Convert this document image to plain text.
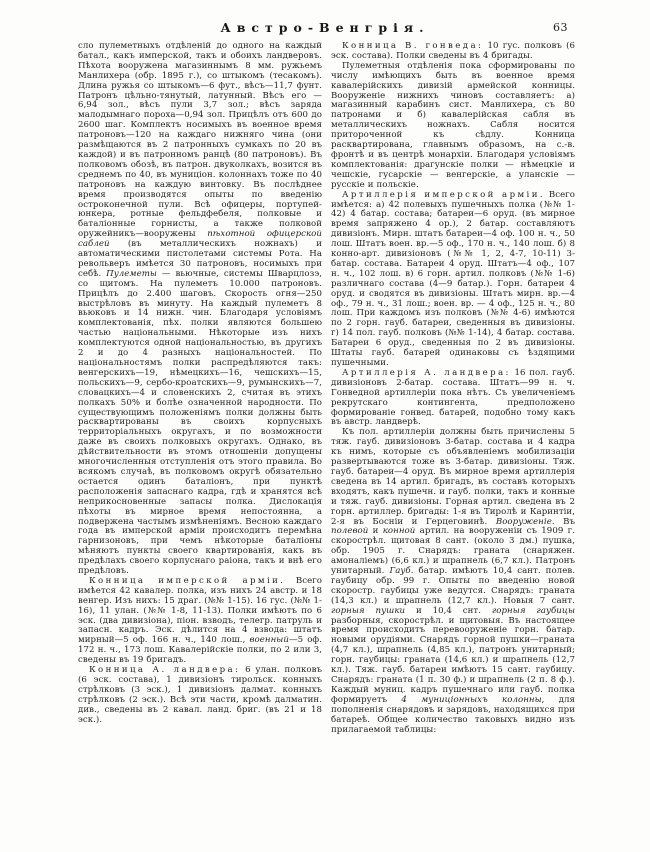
Австро-Венгрія.	63

сло пулеметныхъ отдѣленій до одного на каждый батал., какъ имперской, такъ и обоихъ ландверовъ. Пѣхота вооружена магазиннымъ 8 мм. ружьемъ Манлихера (обр. 1895 г.), со штыкомъ (тесакомъ). Длина ружья со штыкомъ—6 фут., вѣсъ—11,7 фунт. Патронъ цѣльно-тянутый, латунный. Вѣсъ его — 6,94 зол., вѣсъ пули 3,7 зол.; вѣсъ заряда малодымнаго пороха—0,94 зол. Прицѣлъ отъ 600 до 2600 шаг. Комплектъ носимыхъ въ военное время патроновъ—120 на каждаго нижняго чина (они размѣщаются въ 2 патронныхъ сумкахъ по 20 въ каждой) и въ патронномъ ранцѣ (80 патроновъ). Въ полковомъ обозѣ, въ патрон. двуколкахъ, возится въ среднемъ по 40, въ муниціон. колоннахъ тоже по 40 патроновъ на каждую винтовку. Въ послѣднее время производятся опыты по введенію остроконечной пули. Всѣ офицеры, портупей-юнкера, ротные фельдфебеля, полковые и баталіонные горнисты, а также полковой оружейникъ—вооружены пѣхотной офицерской саблей (въ металлическихъ ножнахъ) и автоматическими пистолетами системы Рота. На револьверъ имѣется 30 патроновъ, носимыхъ при себѣ. Пулеметы — вьючные, системы Шварцлозэ, со щитомъ. На пулеметъ 10.000 патроновъ. Прицѣлъ до 2.400 шаговъ. Скорость огня—250 выстрѣловъ въ минуту. На каждый пулеметъ 8 вьюковъ и 14 нижн. чин. Благодаря условіямъ комплектованія, пѣх. полки являются большею частью національными. Нѣкоторые изъ нихъ комплектуются одной національностью, въ другихъ 2 и до 4 разныхъ національностей. По національностямъ полки распредѣляются такъ: венгерскихъ—19, нѣмецкихъ—16, чешскихъ—15, польскихъ—9, сербо-кроатскихъ—9, румынскихъ—7, словацкихъ—4 и словенскихъ 2, считая въ этихъ полкахъ 50% и болѣе означенной народности. По существующимъ положеніямъ полки должны быть расквартированы въ своихъ корпусныхъ территоріальныхъ округахъ, и по возможности даже въ своихъ полковыхъ округахъ. Однако, въ дѣйствительности въ этомъ отношеніи допущены многочисленныя отступленія отъ этого правила. Во всякомъ случаѣ, въ полковомъ округѣ обязательно остается одинъ баталіонъ, при пунктѣ расположенія запаснаго кадра, гдѣ и хранятся всѣ неприкосновенные запасы полка. Дислокація пѣхоты въ мирное время непостоянна, а подвержена частымъ измѣненіямъ. Весною каждаго года въ имперской арміи происходитъ перемѣна гарнизоновъ, при чемъ нѣкоторые баталіоны мѣняютъ пункты своего квартированія, какъ въ предѣлахъ своего корпуснаго раіона, такъ и внѣ его предѣловъ.

Конница имперской арміи. Всего имѣется 42 кавалер. полка, изъ нихъ 24 австр. и 18 венгер. Изъ нихъ: 15 драг. (№№ 1-15). 16 гус. (№№ 1-16), 11 улан. (№№ 1-8, 11-13). Полки имѣютъ по 6 эск. (два дивизіона), піон. взводъ, телегр. патруль и запасн. кадръ. Эск. дѣлится на 4 взвода: штатъ мирный—5 оф. 166 н. ч., 140 лош., военный—5 оф. 172 н. ч., 173 лош. Кавалерійскіе полки, по 2 или 3, сведены въ 19 бригадъ.

Конница А. ландвера: 6 улан. полковъ (6 эск. состава), 1 дивизіонъ тирольск. конныхъ стрѣлковъ (3 эск.), 1 дивизіонъ далмат. конныхъ стрѣлковъ (2 эск.). Всѣ эти части, кромѣ далматин. див., сведены въ 2 кавал. ланд. бриг. (въ 21 и 18 эск.).

Конница В. гонведа: 10 гус. полковъ (6 эск. состава). Полки сведены въ 4 бригады.

Пулеметныя отдѣленія пока сформированы по числу имѣющихъ быть въ военное время кавалерійскихъ дивизій армейской конницы. Вооруженіе нижнихъ чиновъ составляетъ: а) магазинный карабинъ сист. Манлихера, съ 80 патронами и б) кавалерійская сабля въ металлическихъ ножнахъ. Сабля носится притороченной къ сѣдлу. Конница расквартирована, главнымъ образомъ, на с.-в. фронтѣ и въ центрѣ монархіи. Благодаря условіямъ комплектованія: драгунскіе полки — нѣмецкіе и чешскіе, гусарскіе — венгерскіе, а уланскіе — русскіе и польскіе.

Артиллерія имперской арміи. Всего имѣется: а) 42 полевыхъ пушечныхъ полка (№№ 1-42) 4 батар. состава; батареи—6 оруд. (въ мирное время запряжено 4 ор.), 2 батар. составляютъ дивизіонъ. Мирн. штатъ батареи—4 оф. 100 н. ч., 50 лош. Штатъ воен. вр.—5 оф., 170 н. ч., 140 лош. б) 8 конно-арт. дивизіоновъ (№№ 1, 2, 4-7, 10-11) 3-батар. состава. Батареи 4 оруд. Штатъ—4 оф., 107 н. ч., 102 лош. в) 6 горн. артил. полковъ (№№ 1-6) различнаго состава (4—9 батар.). Горн. батареи 4 оруд. и сводятся въ дивизіоны. Штатъ мирн. вр.—4 оф., 79 н. ч., 31 лош.; воен. вр. — 4 оф., 125 н. ч., 80 лош. При каждомъ изъ полковъ (№№ 4-6) имѣются по 2 горн. гауб. батареи, сведенныя въ дивизіоны. г) 14 пол. гауб. полковъ (№№ 1-14), 4 батар. состава. Батареи 6 оруд., сведенныя по 2 въ дивизіоны. Штаты гауб. батарей одинаковы съ ѣздящими пушечными.

Артиллерія А. ландвера: 16 пол. гауб. дивизіоновъ 2-батар. состава. Штатъ—99 н. ч. Гонведной артиллеріи пока нѣтъ. Съ увеличеніемъ рекрутскаго контингента, предположено формированіе гонвед. батарей, подобно тому какъ въ австр. ландверѣ.

Къ пол. артиллеріи должны быть причислены 5 тяж. гауб. дивизіоновъ 3-батар. состава и 4 кадра къ нимъ, которые съ объявленіемъ мобилизаціи развертываются тоже въ 3-батар. дивизіоны. Тяж. гауб. батареи—4 оруд. Въ мирное время артиллерія сведена въ 14 артил. бригадъ, въ составъ которыхъ входятъ, какъ пушечн. и гауб. полки, такъ и конные и тяж. гауб. дивизіоны. Горная артил. сведена въ 2 горн. артиллер. бригады: 1-я въ Тиролѣ и Каринтіи, 2-я въ Босніи и Герцеговинѣ. Вооруженіе. Въ полевой и конной артил. на вооруженіи съ 1909 г. скорострѣл. щитовая 8 сант. (около 3 дм.) пушка, обр. 1905 г. Снарядъ: граната (снаряжен. амоналіемъ) (6,6 кл.) и шрапнель (6,7 кл.). Патронъ унитарный. Гауб. батар. имѣютъ 10,4 сант. полев. гаубицу обр. 99 г. Опыты по введенію новой скоростр. гаубицы уже ведутся. Снарядъ: граната (14,3 кл.) и шрапнель (12,7 кл.). Новыя 7 сант. горныя пушки и 10,4 снт. горныя гаубицы разборныя, скорострѣл. и щитовыя. Въ настоящее время происходитъ перевооруженіе горн. батар. новыми орудіями. Снарядъ горной пушки—граната (4,7 кл.), шрапнель (4,85 кл.), патронъ унитарный; горн. гаубицы: граната (14,6 кл.) и шрапнель (12,7 кл.). Тяж. гауб. батареи имѣютъ 15 сант. гаубицу. Снарядъ: граната (1 п. 30 ф.) и шрапнель (2 п. 8 ф.). Каждый муниц. кадръ пушечнаго или гауб. полка формируетъ 4 муниціонныхъ колонны, для пополненія снарядовъ и зарядовъ, находящихся при батареѣ. Общее количество таковыхъ видно изъ прилагаемой таблицы:
